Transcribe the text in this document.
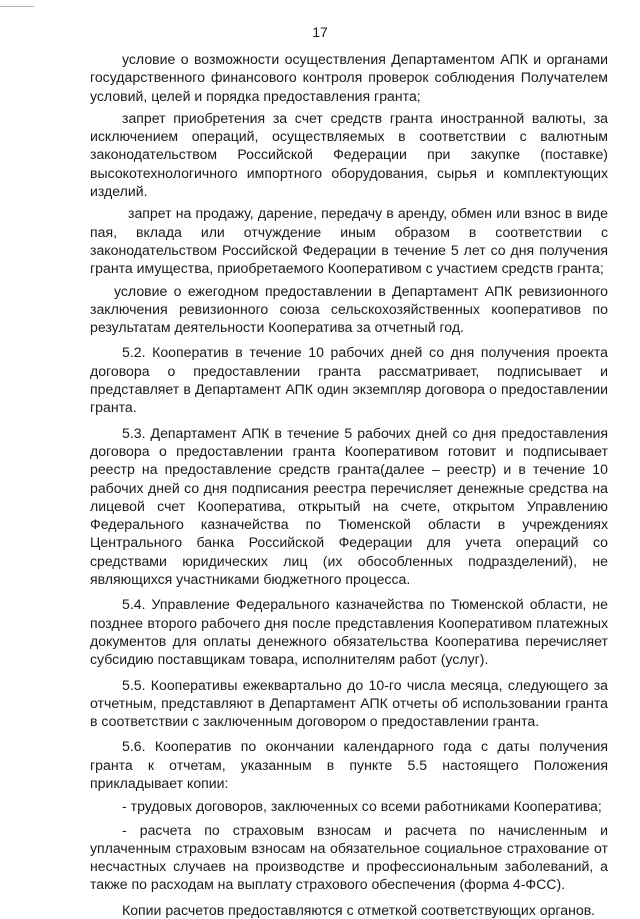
17

условие о возможности осуществления Департаментом АПК и органами государственного финансового контроля проверок соблюдения Получателем условий, целей и порядка предоставления гранта;

запрет приобретения за счет средств гранта иностранной валюты, за исключением операций, осуществляемых в соответствии с валютным законодательством Российской Федерации при закупке (поставке) высокотехнологичного импортного оборудования, сырья и комплектующих изделий.

запрет на продажу, дарение, передачу в аренду, обмен или взнос в виде пая, вклада или отчуждение иным образом в соответствии с законодательством Российской Федерации в течение 5 лет со дня получения гранта имущества, приобретаемого Кооперативом с участием средств гранта;

условие о ежегодном предоставлении в Департамент АПК ревизионного заключения ревизионного союза сельскохозяйственных кооперативов по результатам деятельности Кооператива за отчетный год.

5.2. Кооператив в течение 10 рабочих дней со дня получения проекта договора о предоставлении гранта рассматривает, подписывает и представляет в Департамент АПК один экземпляр договора о предоставлении гранта.

5.3. Департамент АПК в течение 5 рабочих дней со дня предоставления договора о предоставлении гранта Кооперативом готовит и подписывает реестр на предоставление средств гранта(далее – реестр) и в течение 10 рабочих дней со дня подписания реестра перечисляет денежные средства на лицевой счет Кооператива, открытый на счете, открытом Управлению Федерального казначейства по Тюменской области в учреждениях Центрального банка Российской Федерации для учета операций со средствами юридических лиц (их обособленных подразделений), не являющихся участниками бюджетного процесса.

5.4. Управление Федерального казначейства по Тюменской области, не позднее второго рабочего дня после представления Кооперативом платежных документов для оплаты денежного обязательства Кооператива перечисляет субсидию поставщикам товара, исполнителям работ (услуг).

5.5. Кооперативы ежеквартально до 10-го числа месяца, следующего за отчетным, представляют в Департамент АПК отчеты об использовании гранта в соответствии с заключенным договором о предоставлении гранта.

5.6. Кооператив по окончании календарного года с даты получения гранта к отчетам, указанным в пункте 5.5 настоящего Положения прикладывает копии:

- трудовых договоров, заключенных со всеми работниками Кооператива;

- расчета по страховым взносам и расчета по начисленным и уплаченным страховым взносам на обязательное социальное страхование от несчастных случаев на производстве и профессиональным заболеваний, а также по расходам на выплату страхового обеспечения (форма 4-ФСС).

Копии расчетов предоставляются с отметкой соответствующих органов.
